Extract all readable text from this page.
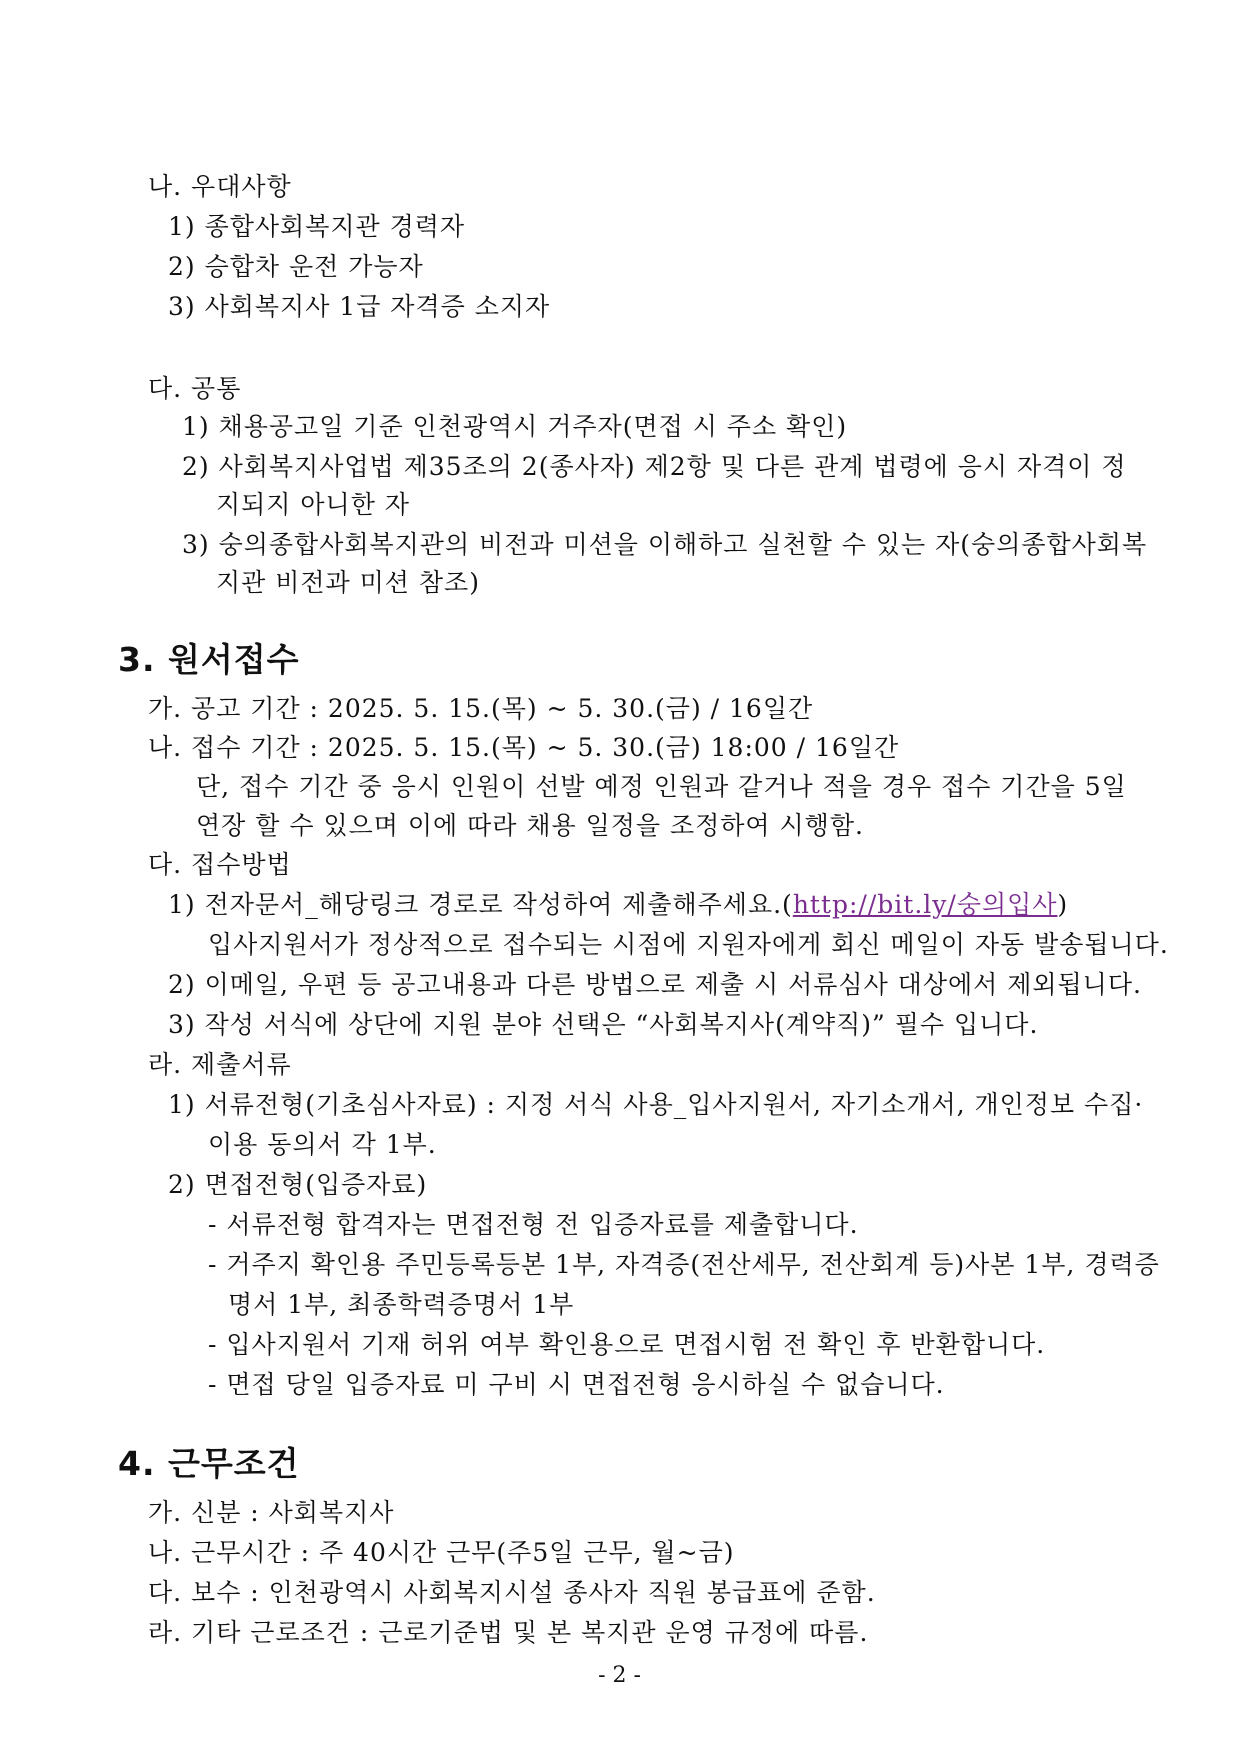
나. 우대사항
1) 종합사회복지관 경력자
2) 승합차 운전 가능자
3) 사회복지사 1급 자격증 소지자
다. 공통
1) 채용공고일 기준 인천광역시 거주자(면접 시 주소 확인)
2) 사회복지사업법 제35조의 2(종사자) 제2항 및 다른 관계 법령에 응시 자격이 정
지되지 아니한 자
3) 숭의종합사회복지관의 비전과 미션을 이해하고 실천할 수 있는 자(숭의종합사회복
지관 비전과 미션 참조)
3. 원서접수
가. 공고 기간 : 2025. 5. 15.(목) ~ 5. 30.(금) / 16일간
나. 접수 기간 : 2025. 5. 15.(목) ~ 5. 30.(금) 18:00 / 16일간
단, 접수 기간 중 응시 인원이 선발 예정 인원과 같거나 적을 경우 접수 기간을 5일
연장 할 수 있으며 이에 따라 채용 일정을 조정하여 시행함.
다. 접수방법
1) 전자문서_해당링크 경로로 작성하여 제출해주세요.(http://bit.ly/숭의입사)
입사지원서가 정상적으로 접수되는 시점에 지원자에게 회신 메일이 자동 발송됩니다.
2) 이메일, 우편 등 공고내용과 다른 방법으로 제출 시 서류심사 대상에서 제외됩니다.
3) 작성 서식에 상단에 지원 분야 선택은 “사회복지사(계약직)” 필수 입니다.
라. 제출서류
1) 서류전형(기초심사자료) : 지정 서식 사용_입사지원서, 자기소개서, 개인정보 수집·
이용 동의서 각 1부.
2) 면접전형(입증자료)
- 서류전형 합격자는 면접전형 전 입증자료를 제출합니다.
- 거주지 확인용 주민등록등본 1부, 자격증(전산세무, 전산회계 등)사본 1부, 경력증
명서 1부, 최종학력증명서 1부
- 입사지원서 기재 허위 여부 확인용으로 면접시험 전 확인 후 반환합니다.
- 면접 당일 입증자료 미 구비 시 면접전형 응시하실 수 없습니다.
4. 근무조건
가. 신분 : 사회복지사
나. 근무시간 : 주 40시간 근무(주5일 근무, 월~금)
다. 보수 : 인천광역시 사회복지시설 종사자 직원 봉급표에 준함.
라. 기타 근로조건 : 근로기준법 및 본 복지관 운영 규정에 따름.
- 2 -
